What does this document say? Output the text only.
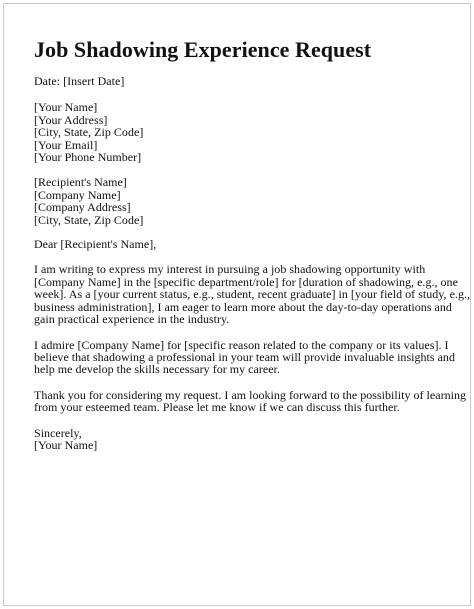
Job Shadowing Experience Request

Date: [Insert Date]

[Your Name]
[Your Address]
[City, State, Zip Code]
[Your Email]
[Your Phone Number]
[Recipient's Name]
[Company Name]
[Company Address]
[City, State, Zip Code]

Dear [Recipient's Name],

I am writing to express my interest in pursuing a job shadowing opportunity with
[Company Name] in the [specific department/role] for [duration of shadowing, e.g., one
week]. As a [your current status, e.g., student, recent graduate] in [your field of study, e.g.,
business administration], I am eager to learn more about the day-to-day operations and
gain practical experience in the industry.
I admire [Company Name] for [specific reason related to the company or its values]. I
believe that shadowing a professional in your team will provide invaluable insights and
help me develop the skills necessary for my career.
Thank you for considering my request. I am looking forward to the possibility of learning
from your esteemed team. Please let me know if we can discuss this further.
Sincerely,
[Your Name]
